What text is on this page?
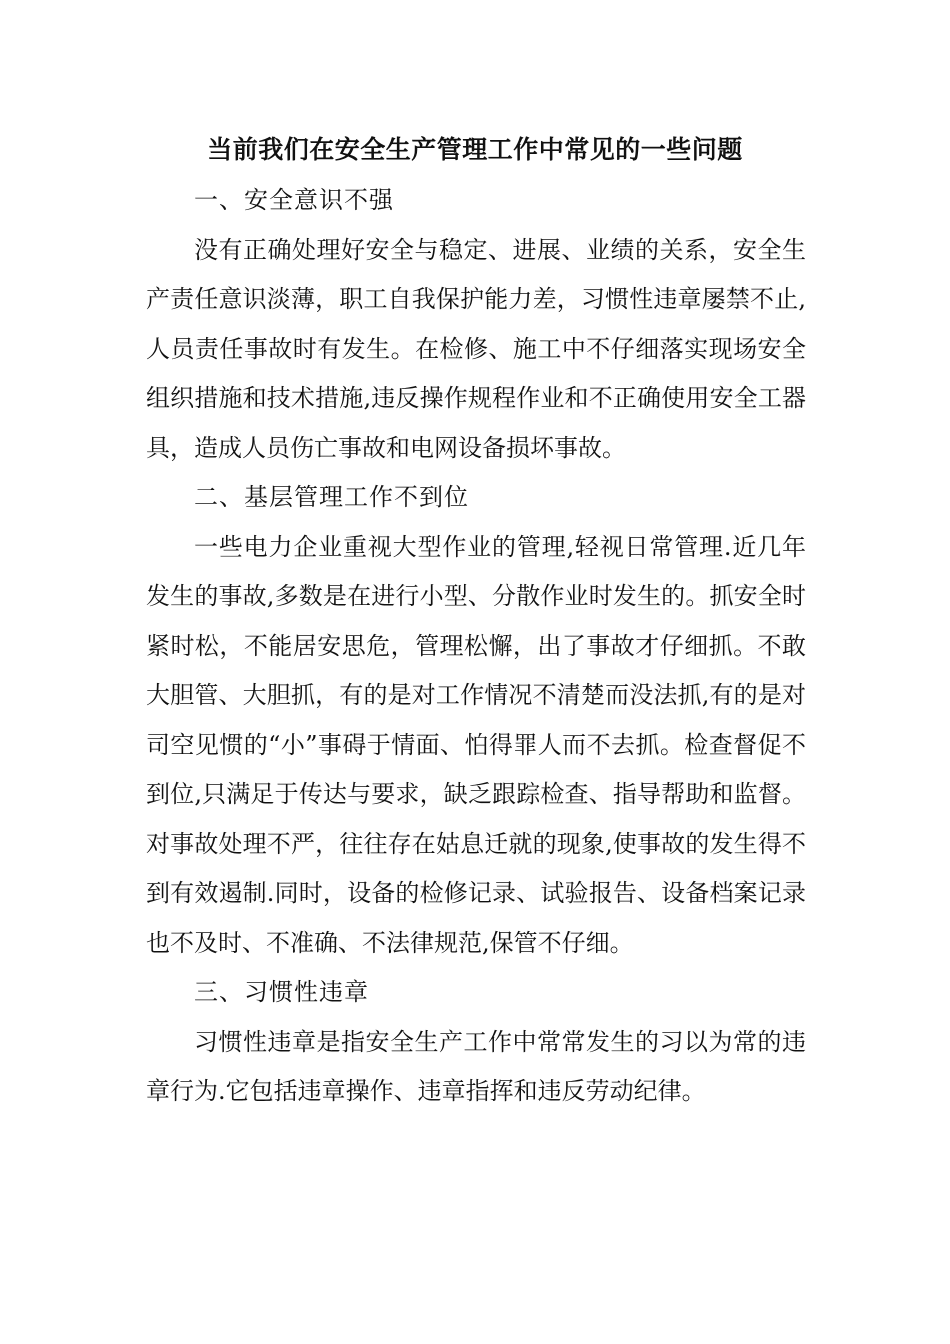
当前我们在安全生产管理工作中常见的一些问题

一、安全意识不强

没有正确处理好安全与稳定、进展、业绩的关系，安全生产责任意识淡薄，职工自我保护能力差，习惯性违章屡禁不止,人员责任事故时有发生。在检修、施工中不仔细落实现场安全组织措施和技术措施,违反操作规程作业和不正确使用安全工器具，造成人员伤亡事故和电网设备损坏事故。

二、基层管理工作不到位

一些电力企业重视大型作业的管理,轻视日常管理.近几年发生的事故,多数是在进行小型、分散作业时发生的。抓安全时紧时松，不能居安思危，管理松懈，出了事故才仔细抓。不敢大胆管、大胆抓，有的是对工作情况不清楚而没法抓,有的是对司空见惯的“小”事碍于情面、怕得罪人而不去抓。检查督促不到位,只满足于传达与要求，缺乏跟踪检查、指导帮助和监督。对事故处理不严，往往存在姑息迁就的现象,使事故的发生得不到有效遏制.同时，设备的检修记录、试验报告、设备档案记录也不及时、不准确、不法律规范,保管不仔细。

三、习惯性违章

习惯性违章是指安全生产工作中常常发生的习以为常的违章行为.它包括违章操作、违章指挥和违反劳动纪律。
